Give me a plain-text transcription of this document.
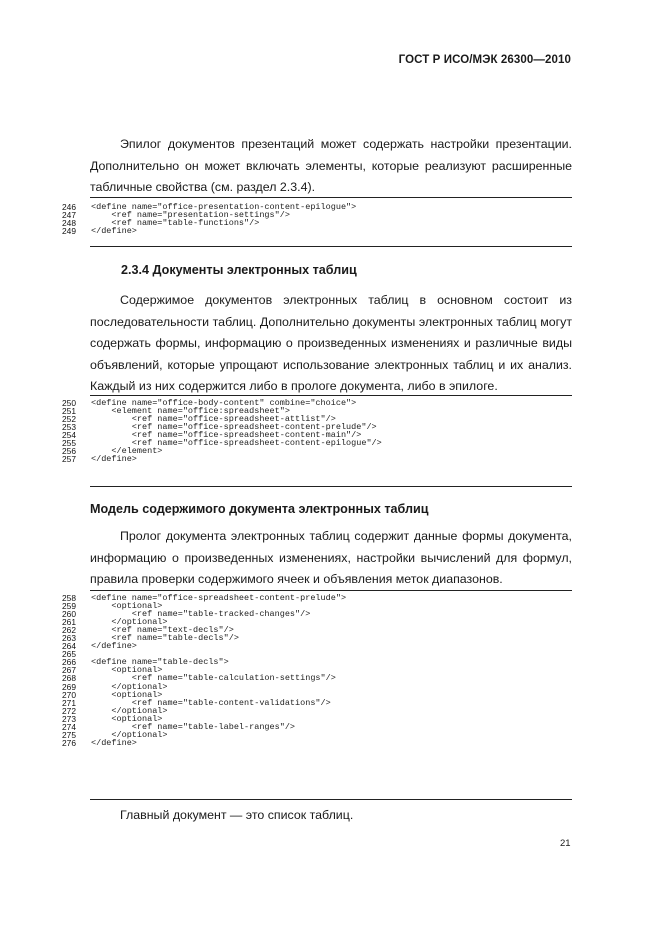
ГОСТ Р ИСО/МЭК 26300—2010
Эпилог документов презентаций может содержать настройки презентации. Дополнительно он может включать элементы, которые реализуют расширенные табличные свойства (см. раздел 2.3.4).
246	<define name="office-presentation-content-epilogue">
247	<ref name="presentation-settings"/>
248	<ref name="table-functions"/>
249	</define>
2.3.4 Документы электронных таблиц
Содержимое документов электронных таблиц в основном состоит из последовательности таблиц. Дополнительно документы электронных таблиц могут содержать формы, информацию о произведенных изменениях и различные виды объявлений, которые упрощают использование электронных таблиц и их анализ. Каждый из них содержится либо в прологе документа, либо в эпилоге.
250	<define name="office-body-content" combine="choice">
251	<element name="office:spreadsheet">
252	<ref name="office-spreadsheet-attlist"/>
253	<ref name="office-spreadsheet-content-prelude"/>
254	<ref name="office-spreadsheet-content-main"/>
255	<ref name="office-spreadsheet-content-epilogue"/>
256	</element>
257	</define>
Модель содержимого документа электронных таблиц
Пролог документа электронных таблиц содержит данные формы документа, информацию о произведенных изменениях, настройки вычислений для формул, правила проверки содержимого ячеек и объявления меток диапазонов.
258	<define name="office-spreadsheet-content-prelude">
259	<optional>
260	<ref name="table-tracked-changes"/>
261	</optional>
262	<ref name="text-decls"/>
263	<ref name="table-decls"/>
264	</define>
265
266	<define name="table-decls">
267	<optional>
268	<ref name="table-calculation-settings"/>
269	</optional>
270	<optional>
271	<ref name="table-content-validations"/>
272	</optional>
273	<optional>
274	<ref name="table-label-ranges"/>
275	</optional>
276	</define>
Главный документ — это список таблиц.
21
